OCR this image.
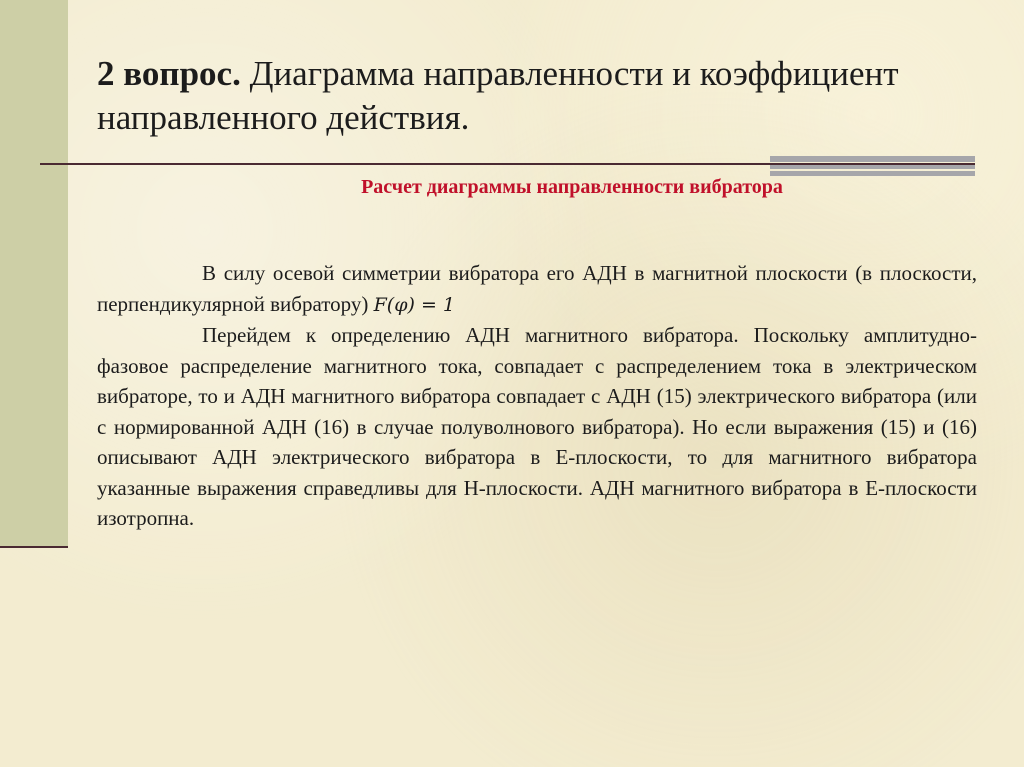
2 вопрос. Диаграмма направленности и коэффициент направленного действия.
Расчет диаграммы направленности вибратора

В силу осевой симметрии вибратора его АДН в магнитной плоскости (в плоскости, перпендикулярной вибратору) F(φ) = 1

Перейдем к определению АДН магнитного вибратора. Поскольку амплитудно-фазовое распределение магнитного тока, совпадает с распределением тока в электрическом вибраторе, то и АДН магнитного вибратора совпадает с АДН (15) электрического вибратора (или с нормированной АДН (16) в случае полуволнового вибратора). Но если выражения (15) и (16) описывают АДН электрического вибратора в Е-плоскости, то для магнитного вибратора указанные выражения справедливы для Н-плоскости. АДН магнитного вибратора в Е-плоскости изотропна.
